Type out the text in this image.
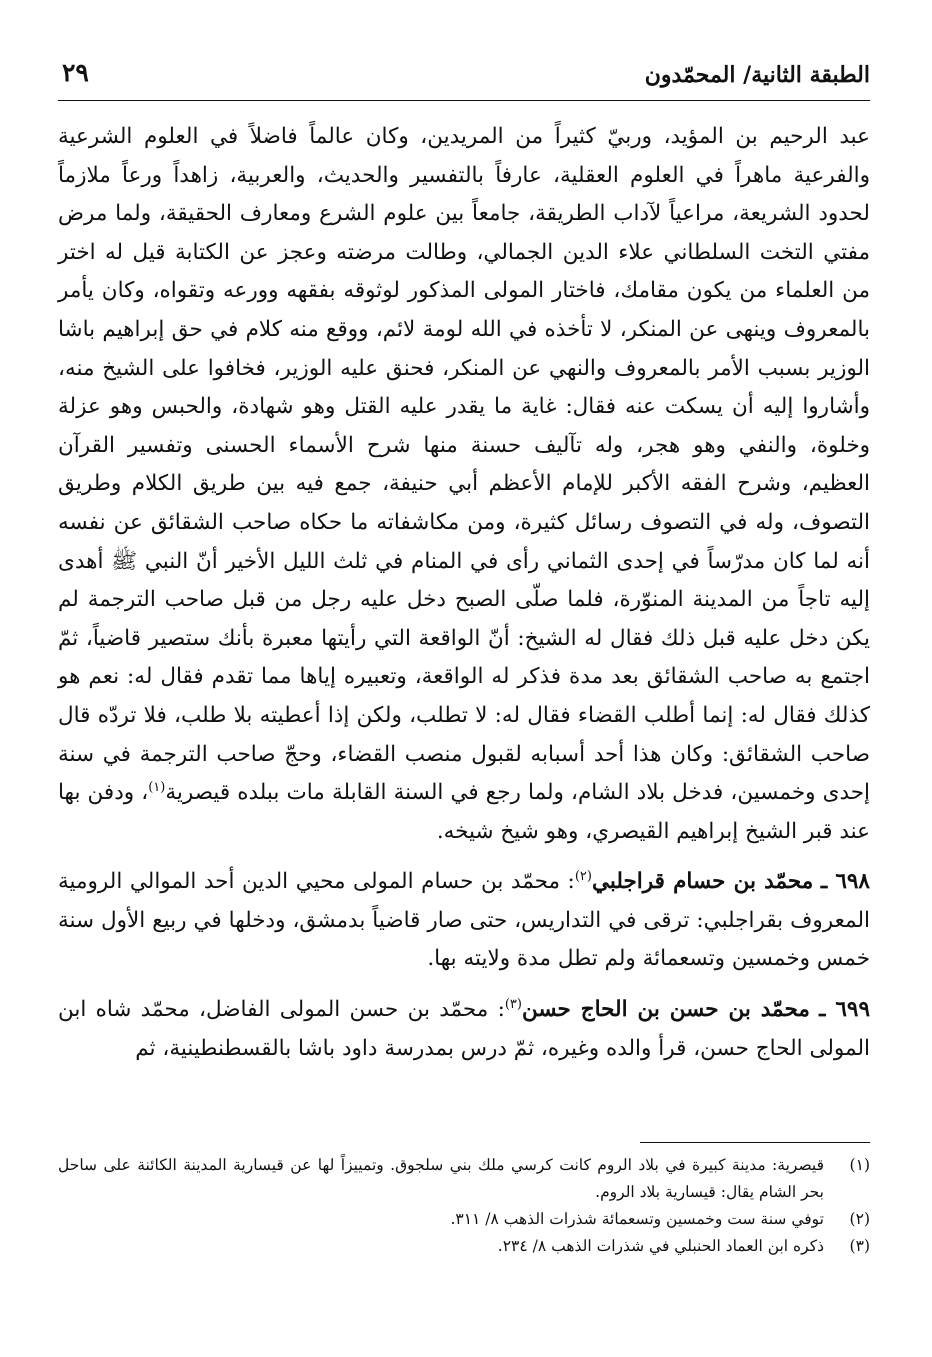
الطبقة الثانية/ المحمّدون
٢٩

عبد الرحيم بن المؤيد، وربيّ كثيراً من المريدين، وكان عالماً فاضلاً في العلوم الشرعية والفرعية ماهراً في العلوم العقلية، عارفاً بالتفسير والحديث، والعربية، زاهداً ورعاً ملازماً لحدود الشريعة، مراعياً لآداب الطريقة، جامعاً بين علوم الشرع ومعارف الحقيقة، ولما مرض مفتي التخت السلطاني علاء الدين الجمالي، وطالت مرضته وعجز عن الكتابة قيل له اختر من العلماء من يكون مقامك، فاختار المولى المذكور لوثوقه بفقهه وورعه وتقواه، وكان يأمر بالمعروف وينهى عن المنكر، لا تأخذه في الله لومة لائم، ووقع منه كلام في حق إبراهيم باشا الوزير بسبب الأمر بالمعروف والنهي عن المنكر، فحنق عليه الوزير، فخافوا على الشيخ منه، وأشاروا إليه أن يسكت عنه فقال: غاية ما يقدر عليه القتل وهو شهادة، والحبس وهو عزلة وخلوة، والنفي وهو هجر، وله تآليف حسنة منها شرح الأسماء الحسنى وتفسير القرآن العظيم، وشرح الفقه الأكبر للإمام الأعظم أبي حنيفة، جمع فيه بين طريق الكلام وطريق التصوف، وله في التصوف رسائل كثيرة، ومن مكاشفاته ما حكاه صاحب الشقائق عن نفسه أنه لما كان مدرّساً في إحدى الثماني رأى في المنام في ثلث الليل الأخير أنّ النبي ﷺ أهدى إليه تاجاً من المدينة المنوّرة، فلما صلّى الصبح دخل عليه رجل من قبل صاحب الترجمة لم يكن دخل عليه قبل ذلك فقال له الشيخ: أنّ الواقعة التي رأيتها معبرة بأنك ستصير قاضياً، ثمّ اجتمع به صاحب الشقائق بعد مدة فذكر له الواقعة، وتعبيره إياها مما تقدم فقال له: نعم هو كذلك فقال له: إنما أطلب القضاء فقال له: لا تطلب، ولكن إذا أعطيته بلا طلب، فلا تردّه قال صاحب الشقائق: وكان هذا أحد أسبابه لقبول منصب القضاء، وحجّ صاحب الترجمة في سنة إحدى وخمسين، فدخل بلاد الشام، ولما رجع في السنة القابلة مات ببلده قيصرية$^{(١)}$، ودفن بها عند قبر الشيخ إبراهيم القيصري، وهو شيخ شيخه.

٦٩٨ ـ محمّد بن حسام قراجلبي$^{(٢)}$: محمّد بن حسام المولى محيي الدين أحد الموالي الرومية المعروف بقراجلبي: ترقى في التداريس، حتى صار قاضياً بدمشق، ودخلها في ربيع الأول سنة خمس وخمسين وتسعمائة ولم تطل مدة ولايته بها.

٦٩٩ ـ محمّد بن حسن بن الحاج حسن$^{(٣)}$: محمّد بن حسن المولى الفاضل، محمّد شاه ابن المولى الحاج حسن، قرأ والده وغيره، ثمّ درس بمدرسة داود باشا بالقسطنطينية، ثم

(١)
قيصرية: مدينة كبيرة في بلاد الروم كانت كرسي ملك بني سلجوق. وتمييزاً لها عن قيسارية المدينة الكائنة على ساحل بحر الشام يقال: قيسارية بلاد الروم.
(٢)
توفي سنة ست وخمسين وتسعمائة شذرات الذهب ٨/ ٣١١.
(٣)
ذكره ابن العماد الحنبلي في شذرات الذهب ٨/ ٢٣٤.
